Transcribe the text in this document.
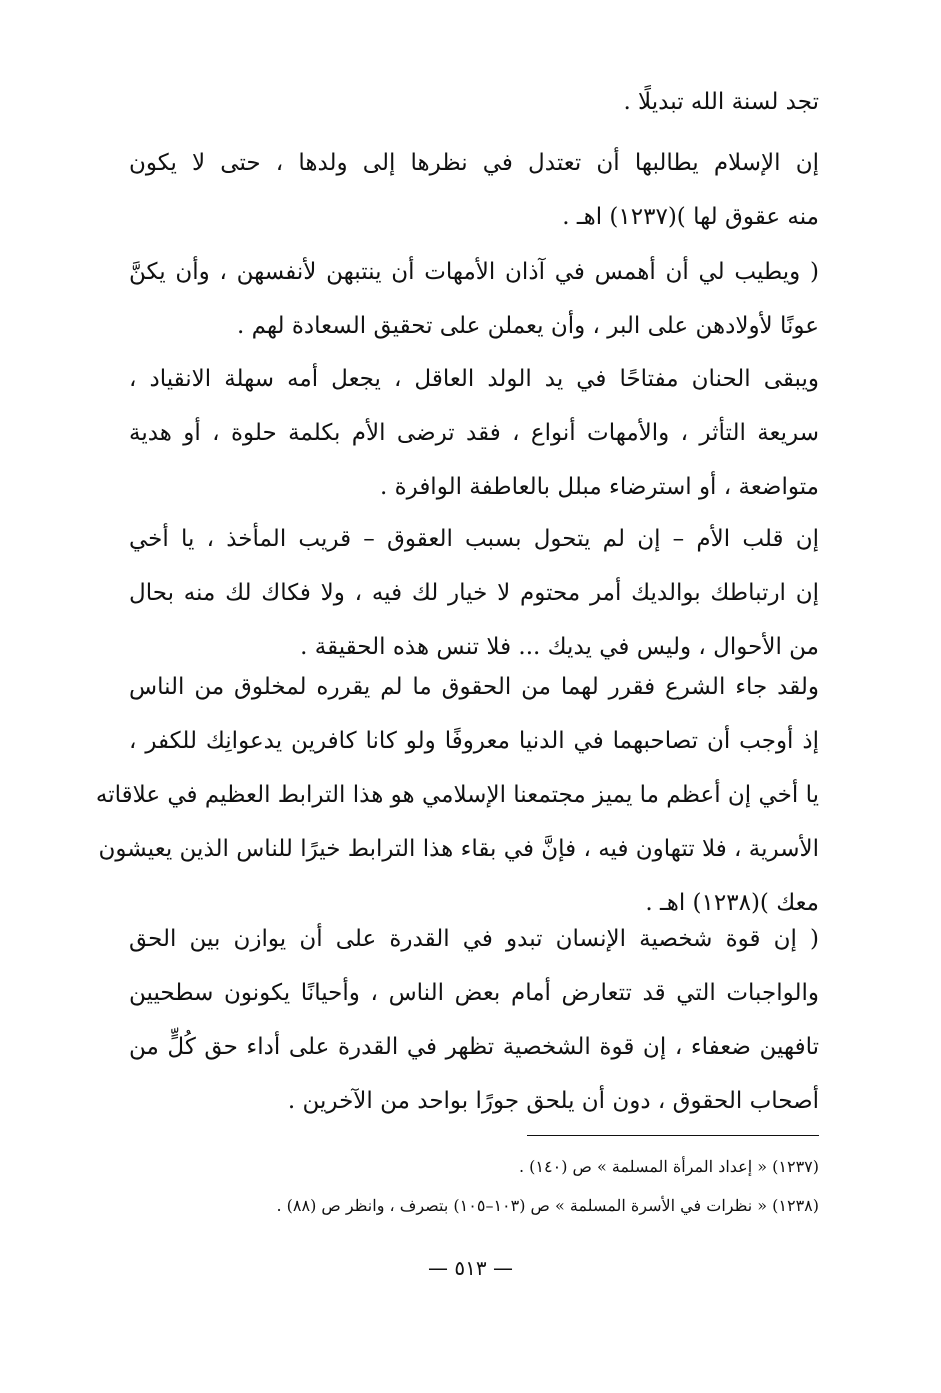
تجد لسنة الله تبديلًا .
إن الإسلام يطالبها أن تعتدل في نظرها إلى ولدها ، حتى لا يكون
منه عقوق لها )(١٢٣٧) اهـ .
( ويطيب لي أن أهمس في آذان الأمهات أن ينتبهن لأنفسهن ، وأن يكنَّ
عونًا لأولادهن على البر ، وأن يعملن على تحقيق السعادة لهم .
ويبقى الحنان مفتاحًا في يد الولد العاقل ، يجعل أمه سهلة الانقياد ،
سريعة التأثر ، والأمهات أنواع ، فقد ترضى الأم بكلمة حلوة ، أو هدية
متواضعة ، أو استرضاء مبلل بالعاطفة الوافرة .
إن قلب الأم – إن لم يتحول بسبب العقوق – قريب المأخذ ، يا أخي
إن ارتباطك بوالديك أمر محتوم لا خيار لك فيه ، ولا فكاك لك منه بحال
من الأحوال ، وليس في يديك ... فلا تنس هذه الحقيقة .
ولقد جاء الشرع فقرر لهما من الحقوق ما لم يقرره لمخلوق من الناس
إذ أوجب أن تصاحبهما في الدنيا معروفًا ولو كانا كافرين يدعوانِك للكفر ،
يا أخي إن أعظم ما يميز مجتمعنا الإسلامي هو هذا الترابط العظيم في علاقاته
الأسرية ، فلا تتهاون فيه ، فإنَّ في بقاء هذا الترابط خيرًا للناس الذين يعيشون
معك )(١٢٣٨) اهـ .
( إن قوة شخصية الإنسان تبدو في القدرة على أن يوازن بين الحق
والواجبات التي قد تتعارض أمام بعض الناس ، وأحيانًا يكونون سطحيين
تافهين ضعفاء ، إن قوة الشخصية تظهر في القدرة على أداء حق كُلٍّ من
أصحاب الحقوق ، دون أن يلحق جورًا بواحد من الآخرين .
(١٢٣٧) « إعداد المرأة المسلمة » ص (١٤٠) .
(١٢٣٨) « نظرات في الأسرة المسلمة » ص (١٠٣–١٠٥) بتصرف ، وانظر ص (٨٨) .
— ٥١٣ —
